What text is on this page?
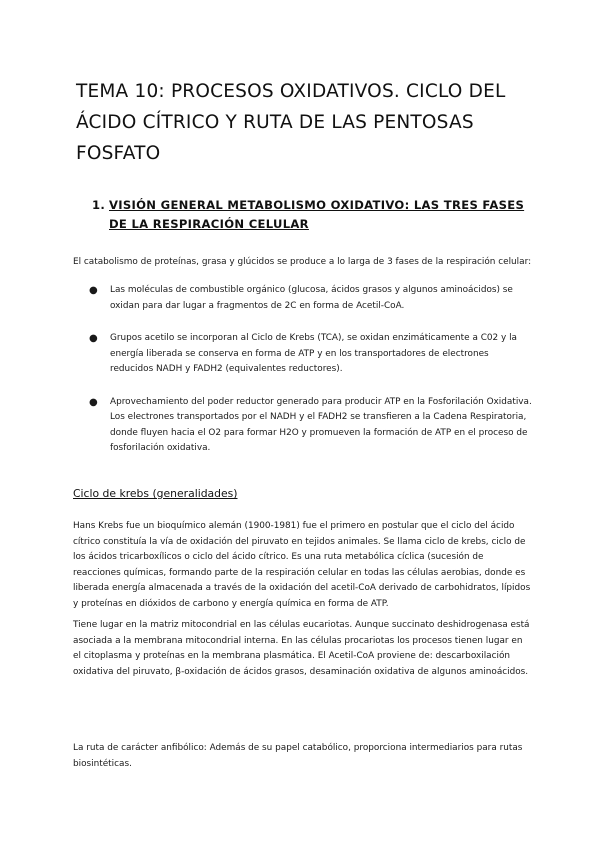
TEMA 10: PROCESOS OXIDATIVOS. CICLO DEL ÁCIDO CÍTRICO Y RUTA DE LAS PENTOSAS FOSFATO
1. VISIÓN GENERAL METABOLISMO OXIDATIVO: LAS TRES FASES DE LA RESPIRACIÓN CELULAR

El catabolismo de proteínas, grasa y glúcidos se produce a lo larga de 3 fases de la respiración celular:

● Las moléculas de combustible orgánico (glucosa, ácidos grasos y algunos aminoácidos) se oxidan para dar lugar a fragmentos de 2C en forma de Acetil-CoA.
● Grupos acetilo se incorporan al Ciclo de Krebs (TCA), se oxidan enzimáticamente a C02 y la energía liberada se conserva en forma de ATP y en los transportadores de electrones reducidos NADH y FADH2 (equivalentes reductores).
● Aprovechamiento del poder reductor generado para producir ATP en la Fosforilación Oxidativa. Los electrones transportados por el NADH y el FADH2 se transfieren a la Cadena Respiratoria, donde fluyen hacia el O2 para formar H2O y promueven la formación de ATP en el proceso de fosforilación oxidativa.
Ciclo de krebs (generalidades)

Hans Krebs fue un bioquímico alemán (1900-1981) fue el primero en postular que el ciclo del ácido cítrico constituía la vía de oxidación del piruvato en tejidos animales. Se llama ciclo de krebs, ciclo de los ácidos tricarboxílicos o ciclo del ácido cítrico. Es una ruta metabólica cíclica (sucesión de reacciones químicas, formando parte de la respiración celular en todas las células aerobias, donde es liberada energía almacenada a través de la oxidación del acetil-CoA derivado de carbohidratos, lípidos y proteínas en dióxidos de carbono y energía química en forma de ATP.

Tiene lugar en la matriz mitocondrial en las células eucariotas. Aunque succinato deshidrogenasa está asociada a la membrana mitocondrial interna. En las células procariotas los procesos tienen lugar en el citoplasma y proteínas en la membrana plasmática. El Acetil-CoA proviene de: descarboxilación oxidativa del piruvato, β-oxidación de ácidos grasos, desaminación oxidativa de algunos aminoácidos.

La ruta de carácter anfibólico: Además de su papel catabólico, proporciona intermediarios para rutas biosintéticas.
